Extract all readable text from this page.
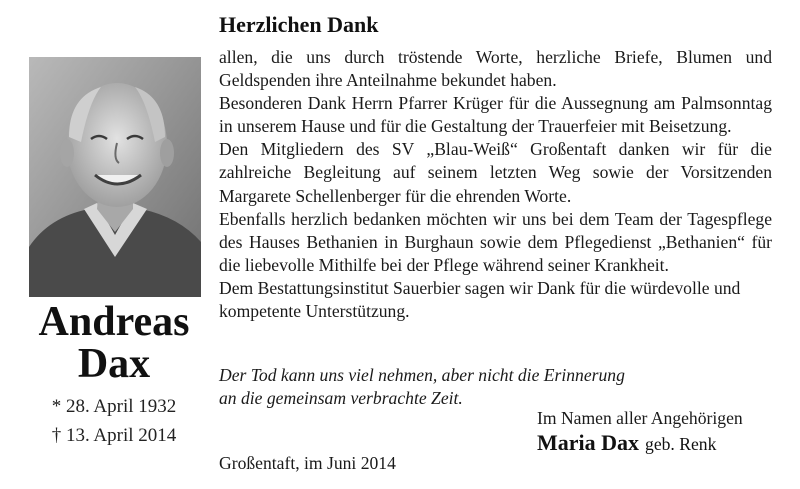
Andreas
Dax
* 28. April 1932
† 13. April 2014
Herzlichen Dank

allen, die uns durch tröstende Worte, herzliche Briefe, Blumen und Geldspenden ihre Anteilnahme bekundet haben.

Besonderen Dank Herrn Pfarrer Krüger für die Aussegnung am Palmsonntag in unserem Hause und für die Gestaltung der Trauerfeier mit Beisetzung.

Den Mitgliedern des SV „Blau-Weiß“ Großentaft danken wir für die zahlreiche Begleitung auf seinem letzten Weg sowie der Vorsitzenden Margarete Schellenberger für die ehrenden Worte.

Ebenfalls herzlich bedanken möchten wir uns bei dem Team der Tagespflege des Hauses Bethanien in Burghaun sowie dem Pflegedienst „Bethanien“ für die liebevolle Mithilfe bei der Pflege während seiner Krankheit.

Dem Bestattungsinstitut Sauerbier sagen wir Dank für die würdevolle und kompetente Unterstützung.

Der Tod kann uns viel nehmen, aber nicht die Erinnerung
an die gemeinsam verbrachte Zeit.
Im Namen aller Angehörigen
Maria Dax geb. Renk
Großentaft, im Juni 2014
